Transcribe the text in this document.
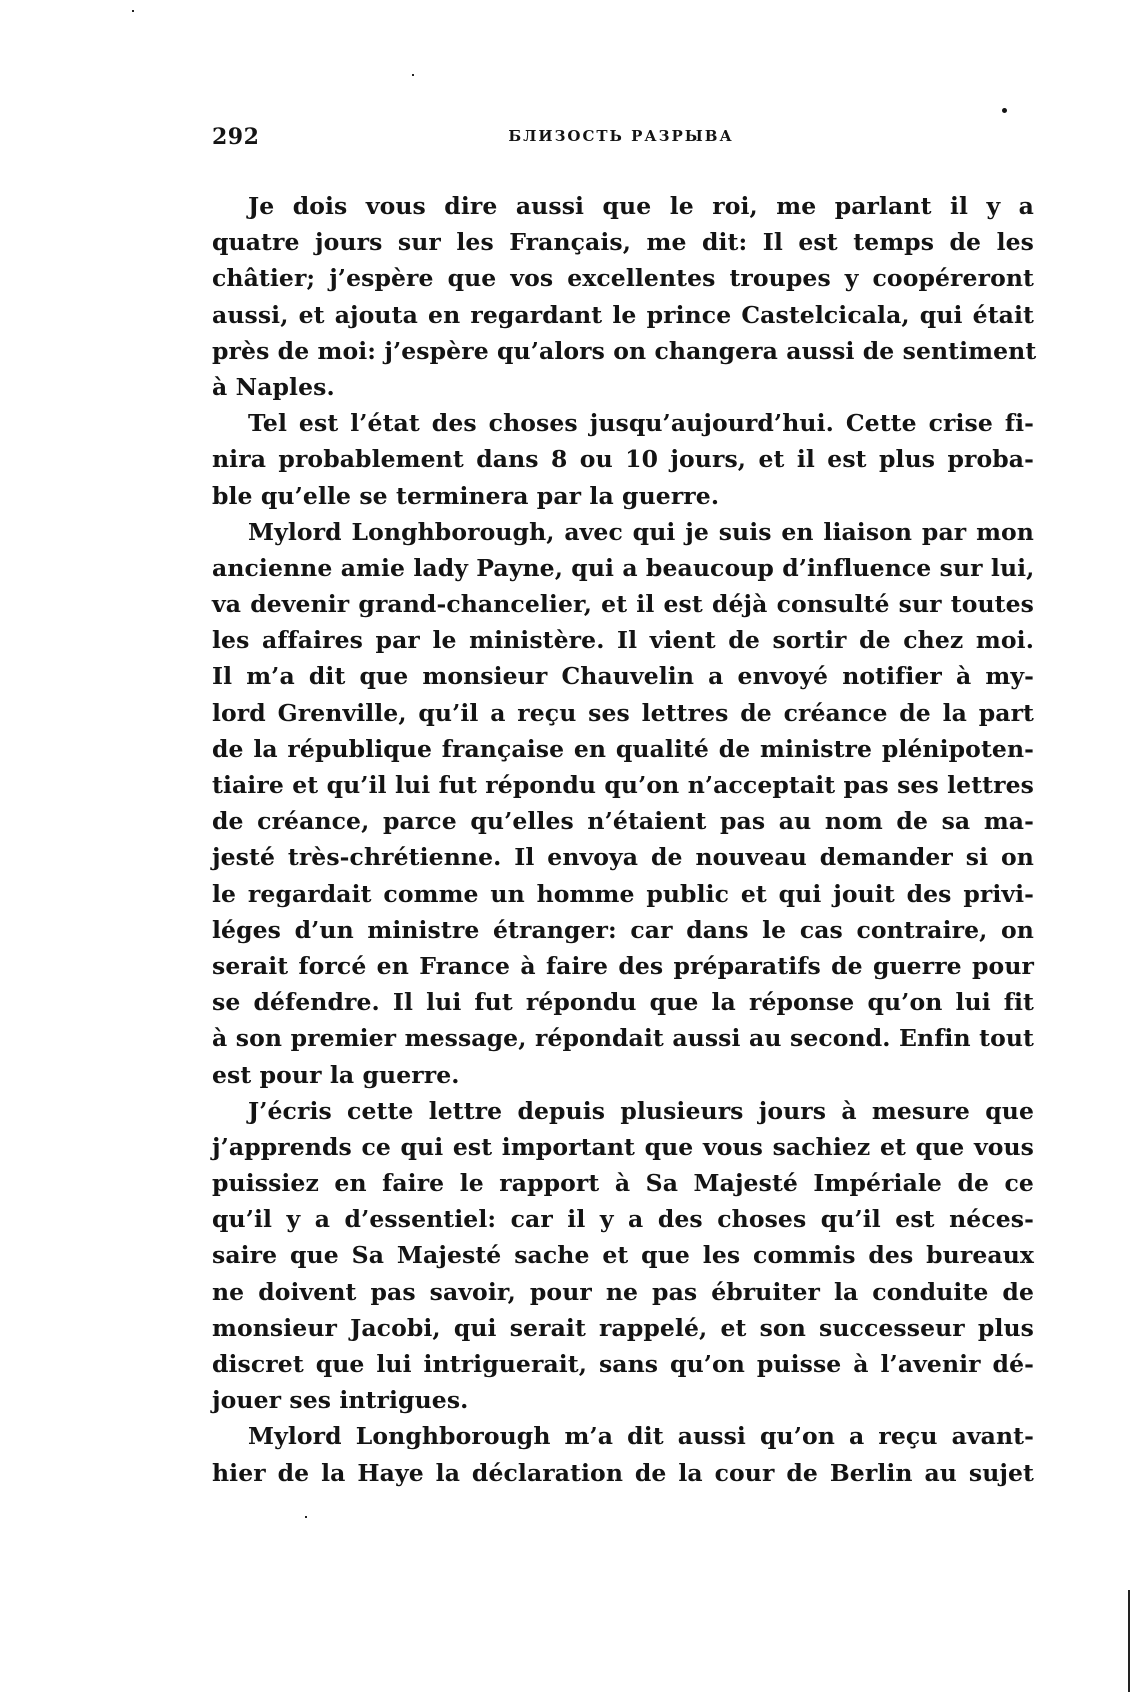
292	БЛИЗОСТЬ РАЗРЫВА
Je dois vous dire aussi que le roi, me parlant il y a
quatre jours sur les Français, me dit: Il est temps de les
châtier; j’espère que vos excellentes troupes y coopéreront
aussi, et ajouta en regardant le prince Castelcicala, qui était
près de moi: j’espère qu’alors on changera aussi de sentiment
à Naples.
Tel est l’état des choses jusqu’aujourd’hui. Cette crise fi-
nira probablement dans 8 ou 10 jours, et il est plus proba-
ble qu’elle se terminera par la guerre.
Mylord Longhborough, avec qui je suis en liaison par mon
ancienne amie lady Payne, qui a beaucoup d’influence sur lui,
va devenir grand-chancelier, et il est déjà consulté sur toutes
les affaires par le ministère. Il vient de sortir de chez moi.
Il m’a dit que monsieur Chauvelin a envoyé notifier à my-
lord Grenville, qu’il a reçu ses lettres de créance de la part
de la république française en qualité de ministre plénipoten-
tiaire et qu’il lui fut répondu qu’on n’acceptait pas ses lettres
de créance, parce qu’elles n’étaient pas au nom de sa ma-
jesté très-chrétienne. Il envoya de nouveau demander si on
le regardait comme un homme public et qui jouit des privi-
léges d’un ministre étranger: car dans le cas contraire, on
serait forcé en France à faire des préparatifs de guerre pour
se défendre. Il lui fut répondu que la réponse qu’on lui fit
à son premier message, répondait aussi au second. Enfin tout
est pour la guerre.
J’écris cette lettre depuis plusieurs jours à mesure que
j’apprends ce qui est important que vous sachiez et que vous
puissiez en faire le rapport à Sa Majesté Impériale de ce
qu’il y a d’essentiel: car il y a des choses qu’il est néces-
saire que Sa Majesté sache et que les commis des bureaux
ne doivent pas savoir, pour ne pas ébruiter la conduite de
monsieur Jacobi, qui serait rappelé, et son successeur plus
discret que lui intriguerait, sans qu’on puisse à l’avenir dé-
jouer ses intrigues.
Mylord Longhborough m’a dit aussi qu’on a reçu avant-
hier de la Haye la déclaration de la cour de Berlin au sujet
